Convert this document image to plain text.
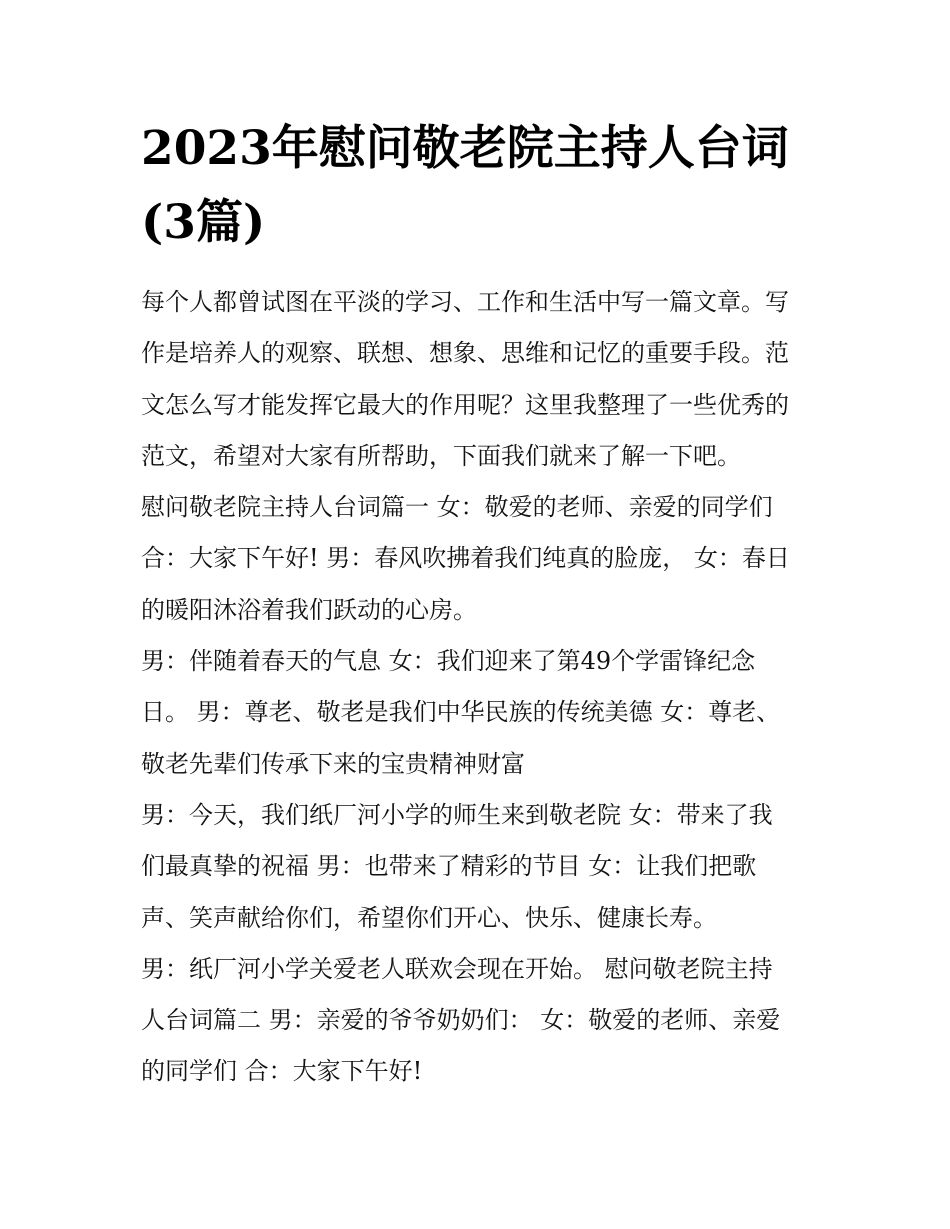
2023年慰问敬老院主持人台词
(3篇)
每个人都曾试图在平淡的学习、工作和生活中写一篇文章。写
作是培养人的观察、联想、想象、思维和记忆的重要手段。范
文怎么写才能发挥它最大的作用呢？这里我整理了一些优秀的
范文，希望对大家有所帮助，下面我们就来了解一下吧。
慰问敬老院主持人台词篇一 女：敬爱的老师、亲爱的同学们
合：大家下午好! 男：春风吹拂着我们纯真的脸庞， 女：春日
的暖阳沐浴着我们跃动的心房。
男：伴随着春天的气息 女：我们迎来了第49个学雷锋纪念
日。 男：尊老、敬老是我们中华民族的传统美德 女：尊老、
敬老先辈们传承下来的宝贵精神财富
男：今天，我们纸厂河小学的师生来到敬老院 女：带来了我
们最真挚的祝福 男：也带来了精彩的节目 女：让我们把歌
声、笑声献给你们，希望你们开心、快乐、健康长寿。
男：纸厂河小学关爱老人联欢会现在开始。 慰问敬老院主持
人台词篇二 男：亲爱的爷爷奶奶们： 女：敬爱的老师、亲爱
的同学们 合：大家下午好!
